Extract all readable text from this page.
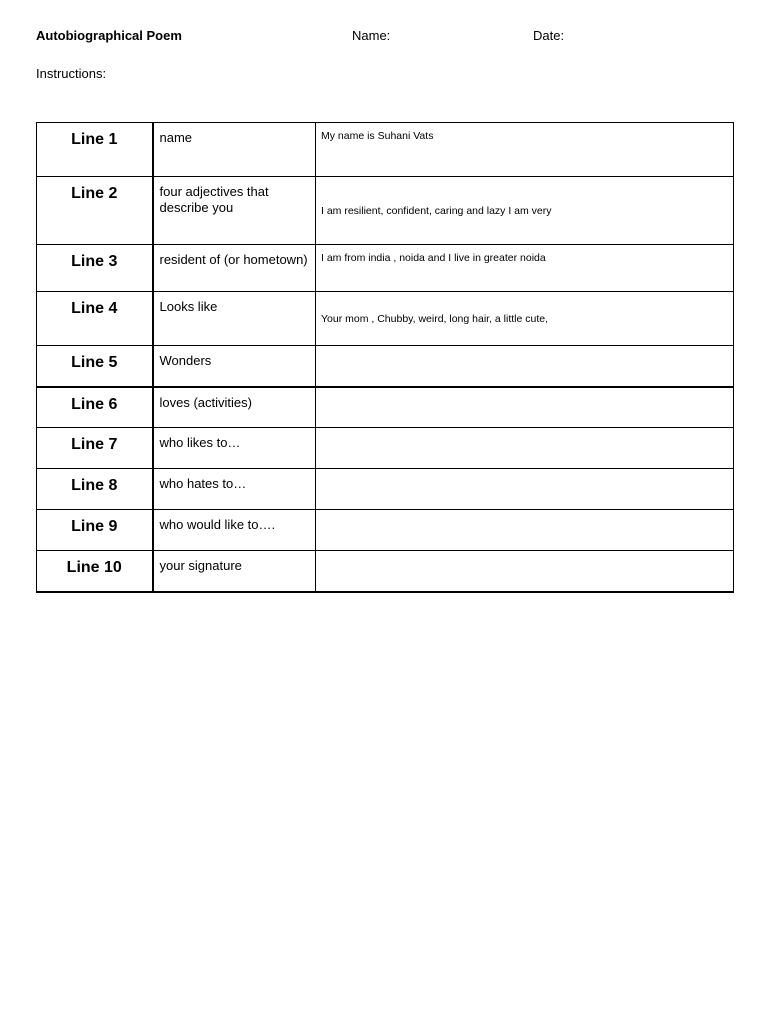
Autobiographical Poem	Name:	Date:
Instructions:
Line 1	name	My name is Suhani Vats

Line 2	four adjectives that describe you	I am resilient, confident, caring and lazy I am very

Line 3	resident of (or hometown)	I am from india , noida and I live in greater noida

Line 4	Looks like	Your mom , Chubby, weird, long hair, a little cute,

Line 5	Wonders	

Line 6	loves (activities)	

Line 7	who likes to…	

Line 8	who hates to…	

Line 9	who would like to….	

Line 10	your signature	
